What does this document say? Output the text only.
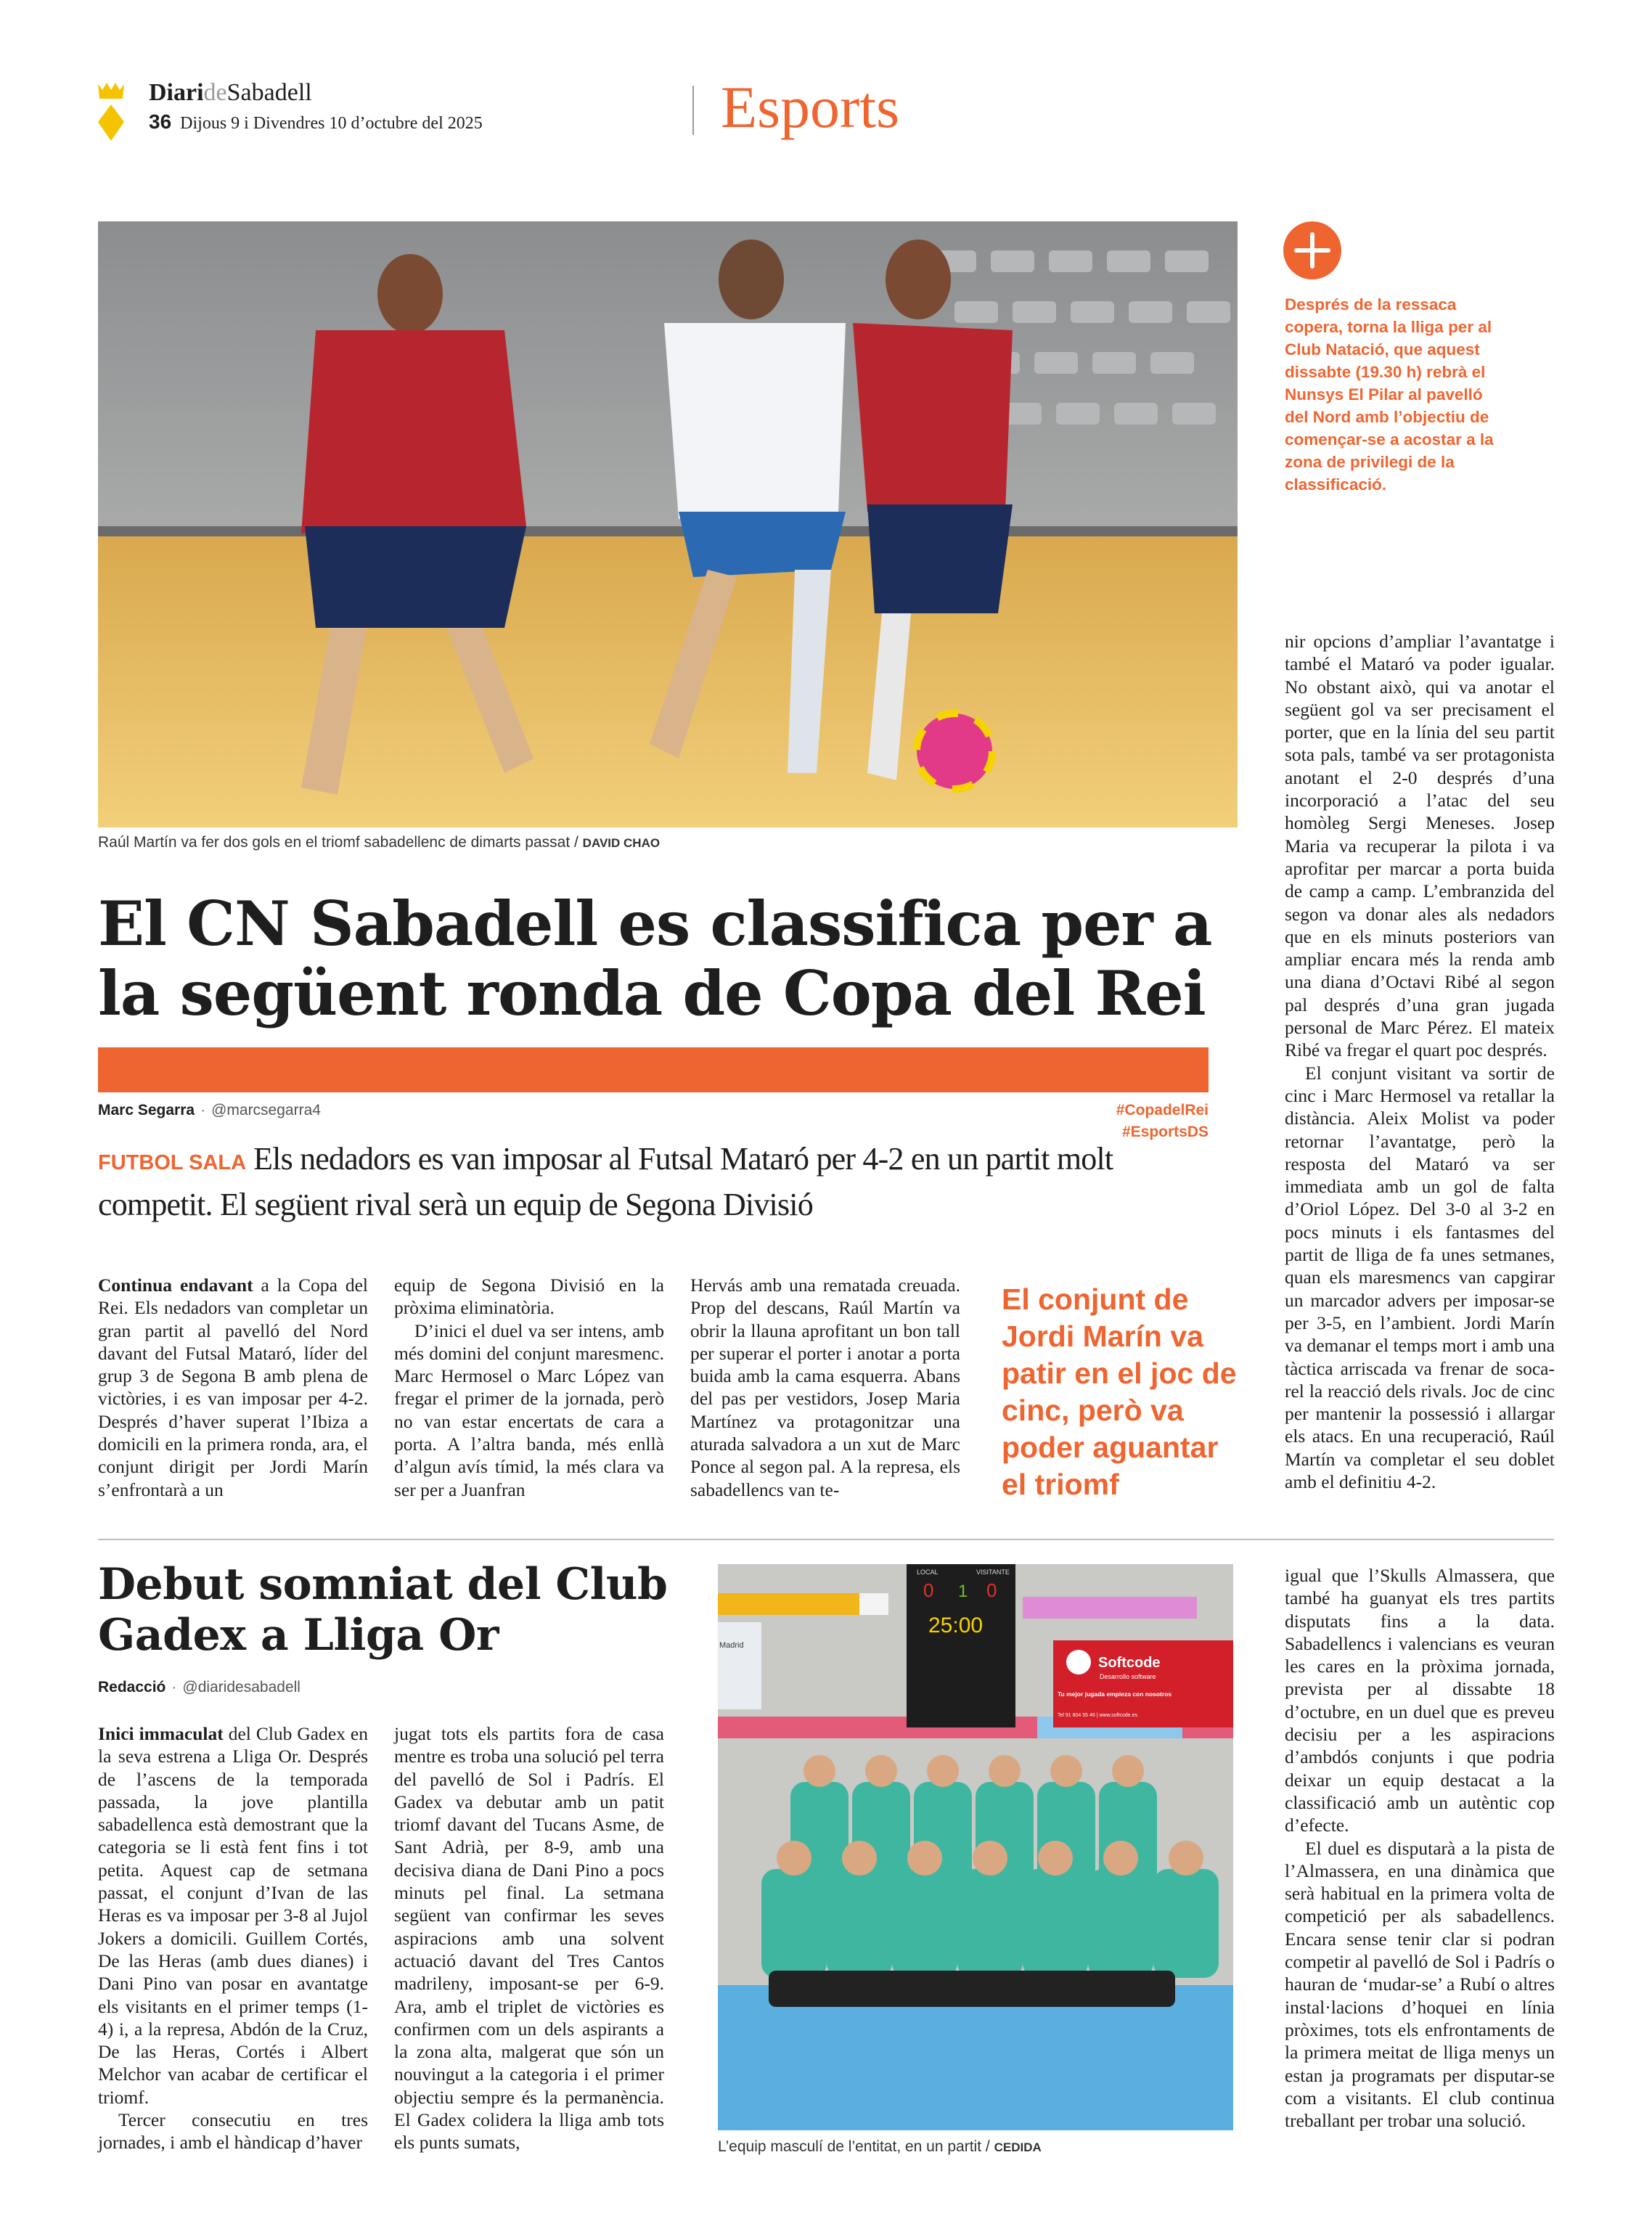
DiarideSabadell
36 Dijous 9 i Divendres 10 d’octubre del 2025	Esports
Raúl Martín va fer dos gols en el triomf sabadellenc de dimarts passat / DAVID CHAO
Després de la ressaca copera, torna la lliga per al Club Natació, que aquest dissabte (19.30 h) rebrà el Nunsys El Pilar al pavelló del Nord amb l’objectiu de començar-se a acostar a la zona de privilegi de la classificació.
El CN Sabadell es classifica per a la següent ronda de Copa del Rei
Marc Segarra · @marcsegarra4	#CopadelRei #EsportsDS
FUTBOL SALA Els nedadors es van imposar al Futsal Mataró per 4-2 en un partit molt competit. El següent rival serà un equip de Segona Divisió

Continua endavant a la Copa del Rei. Els nedadors van completar un gran partit al pavelló del Nord davant del Futsal Mataró, líder del grup 3 de Segona B amb plena de victòries, i es van imposar per 4-2. Després d’haver superat l’Ibiza a domicili en la primera ronda, ara, el conjunt dirigit per Jordi Marín s’enfrontarà a un

equip de Segona Divisió en la pròxima eliminatòria.

D’inici el duel va ser intens, amb més domini del conjunt maresmenc. Marc Hermosel o Marc López van fregar el primer de la jornada, però no van estar encertats de cara a porta. A l’altra banda, més enllà d’algun avís tímid, la més clara va ser per a Juanfran

Hervás amb una rematada creuada. Prop del descans, Raúl Martín va obrir la llauna aprofitant un bon tall per superar el porter i anotar a porta buida amb la cama esquerra. Abans del pas per vestidors, Josep Maria Martínez va protagonitzar una aturada salvadora a un xut de Marc Ponce al segon pal. A la represa, els sabadellencs van te-

El conjunt de Jordi Marín va patir en el joc de cinc, però va poder aguantar el triomf

nir opcions d’ampliar l’avantatge i també el Mataró va poder igualar. No obstant això, qui va anotar el següent gol va ser precisament el porter, que en la línia del seu partit sota pals, també va ser protagonista anotant el 2-0 després d’una incorporació a l’atac del seu homòleg Sergi Meneses. Josep Maria va recuperar la pilota i va aprofitar per marcar a porta buida de camp a camp. L’embranzida del segon va donar ales als nedadors que en els minuts posteriors van ampliar encara més la renda amb una diana d’Octavi Ribé al segon pal després d’una gran jugada personal de Marc Pérez. El mateix Ribé va fregar el quart poc després.

El conjunt visitant va sortir de cinc i Marc Hermosel va retallar la distància. Aleix Molist va poder retornar l’avantatge, però la resposta del Mataró va ser immediata amb un gol de falta d’Oriol López. Del 3-0 al 3-2 en pocs minuts i els fantasmes del partit de lliga de fa unes setmanes, quan els maresmencs van capgirar un marcador advers per imposar-se per 3-5, en l’ambient. Jordi Marín va demanar el temps mort i amb una tàctica arriscada va frenar de soca-rel la reacció dels rivals. Joc de cinc per mantenir la possessió i allargar els atacs. En una recuperació, Raúl Martín va completar el seu doblet amb el definitiu 4-2.

Debut somniat del Club Gadex a Lliga Or
Redacció · @diaridesabadell

Inici immaculat del Club Gadex en la seva estrena a Lliga Or. Després de l’ascens de la temporada passada, la jove plantilla sabadellenca està demostrant que la categoria se li està fent fins i tot petita. Aquest cap de setmana passat, el conjunt d’Ivan de las Heras es va imposar per 3-8 al Jujol Jokers a domicili. Guillem Cortés, De las Heras (amb dues dianes) i Dani Pino van posar en avantatge els visitants en el primer temps (1-4) i, a la represa, Abdón de la Cruz, De las Heras, Cortés i Albert Melchor van acabar de certificar el triomf.

Tercer consecutiu en tres jornades, i amb el hàndicap d’haver

jugat tots els partits fora de casa mentre es troba una solució pel terra del pavelló de Sol i Padrís. El Gadex va debutar amb un patit triomf davant del Tucans Asme, de Sant Adrià, per 8-9, amb una decisiva diana de Dani Pino a pocs minuts pel final. La setmana següent van confirmar les seves aspiracions amb una solvent actuació davant del Tres Cantos madrileny, imposant-se per 6-9. Ara, amb el triplet de victòries es confirmen com un dels aspirants a la zona alta, malgerat que són un nouvingut a la categoria i el primer objectiu sempre és la permanència. El Gadex colidera la lliga amb tots els punts sumats,

Madrid
LOCAL	VISITANTE
0 1 0
25:00
Softcode
Desarrollo software
Tu mejor jugada empieza con nosotros
Tel 91 804 55 46 | www.softcode.es
L’equip masculí de l’entitat, en un partit / CEDIDA

igual que l’Skulls Almassera, que també ha guanyat els tres partits disputats fins a la data. Sabadellencs i valencians es veuran les cares en la pròxima jornada, prevista per al dissabte 18 d’octubre, en un duel que es preveu decisiu per a les aspiracions d’ambdós conjunts i que podria deixar un equip destacat a la classificació amb un autèntic cop d’efecte.

El duel es disputarà a la pista de l’Almassera, en una dinàmica que serà habitual en la primera volta de competició per als sabadellencs. Encara sense tenir clar si podran competir al pavelló de Sol i Padrís o hauran de ‘mudar-se’ a Rubí o altres instal·lacions d’hoquei en línia pròximes, tots els enfrontaments de la primera meitat de lliga menys un estan ja programats per disputar-se com a visitants. El club continua treballant per trobar una solució.
